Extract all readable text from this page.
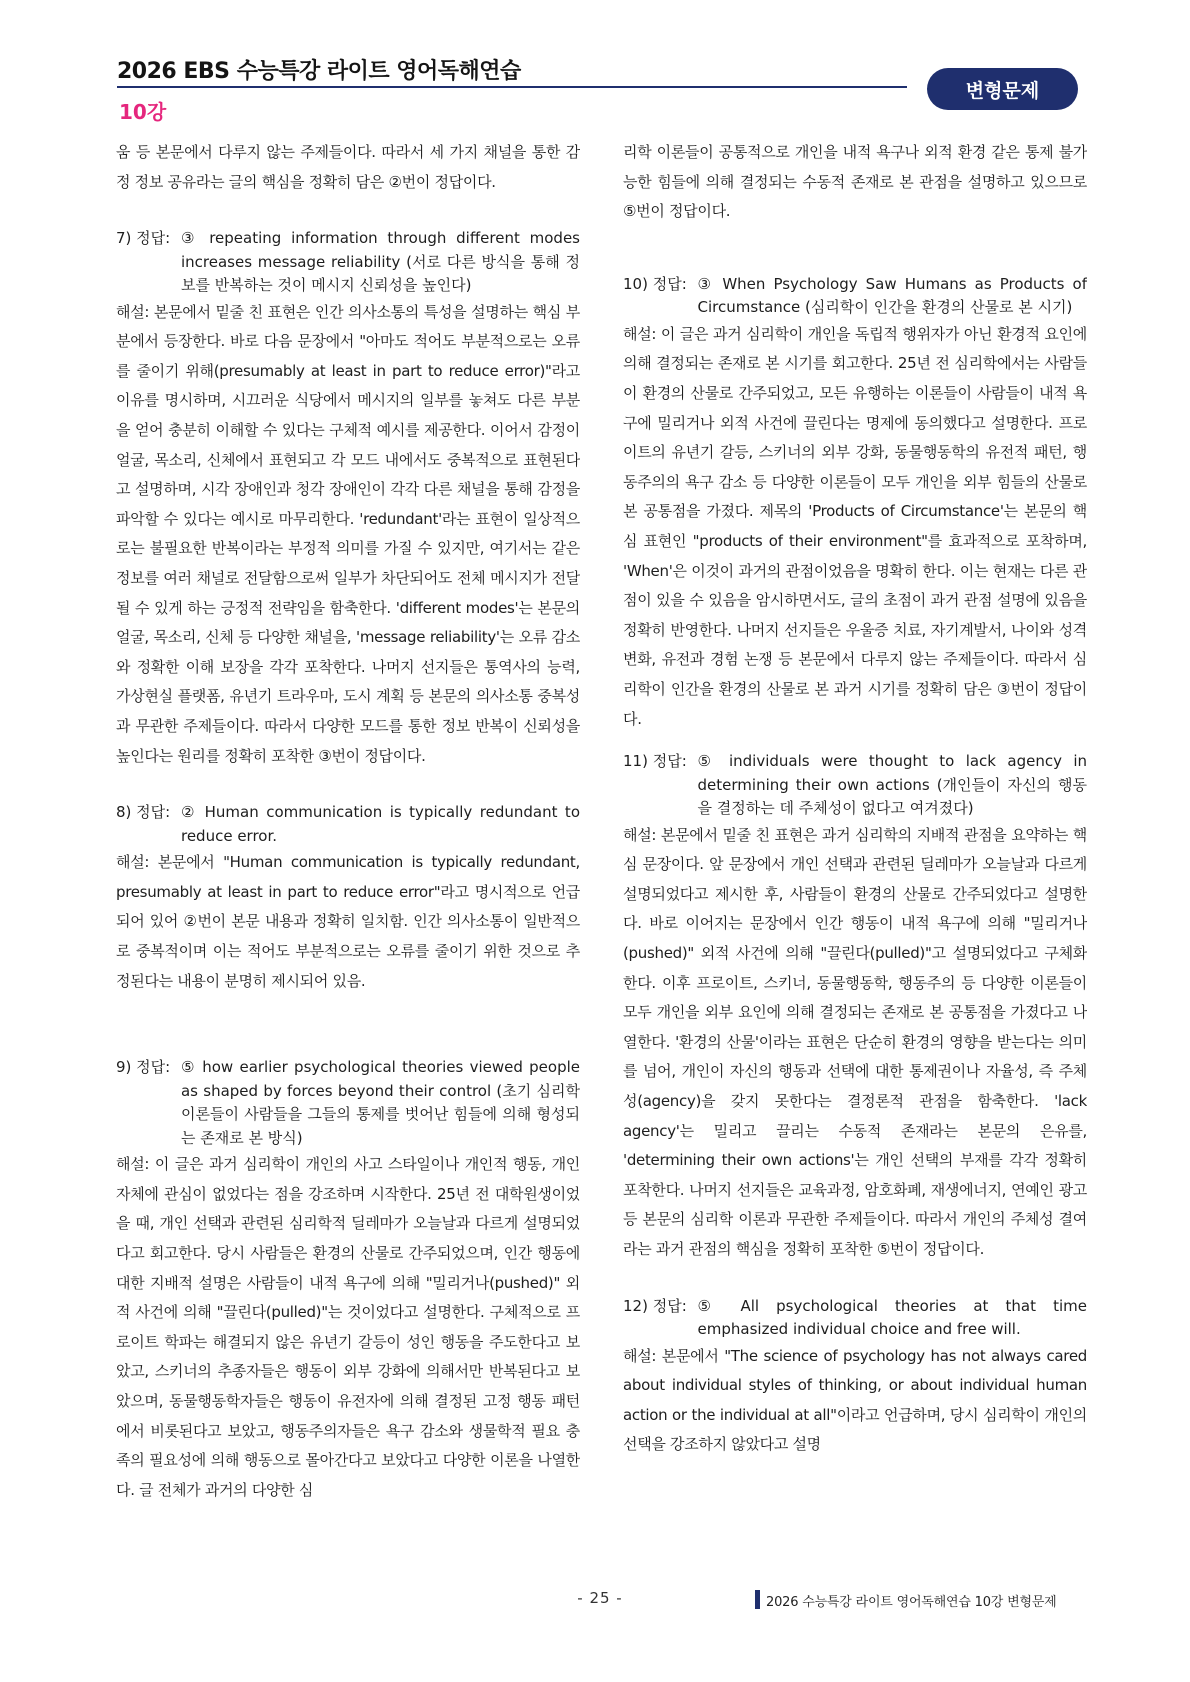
2026 EBS 수능특강 라이트 영어독해연습
10강
변형문제

움 등 본문에서 다루지 않는 주제들이다. 따라서 세 가지 채널을 통한 감정 정보 공유라는 글의 핵심을 정확히 담은 ②번이 정답이다.

7) 정답: ③ repeating information through different modes increases message reliability (서로 다른 방식을 통해 정보를 반복하는 것이 메시지 신뢰성을 높인다)

해설: 본문에서 밑줄 친 표현은 인간 의사소통의 특성을 설명하는 핵심 부분에서 등장한다. 바로 다음 문장에서 "아마도 적어도 부분적으로는 오류를 줄이기 위해(presumably at least in part to reduce error)"라고 이유를 명시하며, 시끄러운 식당에서 메시지의 일부를 놓쳐도 다른 부분을 얻어 충분히 이해할 수 있다는 구체적 예시를 제공한다. 이어서 감정이 얼굴, 목소리, 신체에서 표현되고 각 모드 내에서도 중복적으로 표현된다고 설명하며, 시각 장애인과 청각 장애인이 각각 다른 채널을 통해 감정을 파악할 수 있다는 예시로 마무리한다. 'redundant'라는 표현이 일상적으로는 불필요한 반복이라는 부정적 의미를 가질 수 있지만, 여기서는 같은 정보를 여러 채널로 전달함으로써 일부가 차단되어도 전체 메시지가 전달될 수 있게 하는 긍정적 전략임을 함축한다. 'different modes'는 본문의 얼굴, 목소리, 신체 등 다양한 채널을, 'message reliability'는 오류 감소와 정확한 이해 보장을 각각 포착한다. 나머지 선지들은 통역사의 능력, 가상현실 플랫폼, 유년기 트라우마, 도시 계획 등 본문의 의사소통 중복성과 무관한 주제들이다. 따라서 다양한 모드를 통한 정보 반복이 신뢰성을 높인다는 원리를 정확히 포착한 ③번이 정답이다.

8) 정답: ② Human communication is typically redundant to reduce error.

해설: 본문에서 "Human communication is typically redundant, presumably at least in part to reduce error"라고 명시적으로 언급되어 있어 ②번이 본문 내용과 정확히 일치함. 인간 의사소통이 일반적으로 중복적이며 이는 적어도 부분적으로는 오류를 줄이기 위한 것으로 추정된다는 내용이 분명히 제시되어 있음.

9) 정답: ⑤ how earlier psychological theories viewed people as shaped by forces beyond their control (초기 심리학 이론들이 사람들을 그들의 통제를 벗어난 힘들에 의해 형성되는 존재로 본 방식)

해설: 이 글은 과거 심리학이 개인의 사고 스타일이나 개인적 행동, 개인 자체에 관심이 없었다는 점을 강조하며 시작한다. 25년 전 대학원생이었을 때, 개인 선택과 관련된 심리학적 딜레마가 오늘날과 다르게 설명되었다고 회고한다. 당시 사람들은 환경의 산물로 간주되었으며, 인간 행동에 대한 지배적 설명은 사람들이 내적 욕구에 의해 "밀리거나(pushed)" 외적 사건에 의해 "끌린다(pulled)"는 것이었다고 설명한다. 구체적으로 프로이트 학파는 해결되지 않은 유년기 갈등이 성인 행동을 주도한다고 보았고, 스키너의 추종자들은 행동이 외부 강화에 의해서만 반복된다고 보았으며, 동물행동학자들은 행동이 유전자에 의해 결정된 고정 행동 패턴에서 비롯된다고 보았고, 행동주의자들은 욕구 감소와 생물학적 필요 충족의 필요성에 의해 행동으로 몰아간다고 보았다고 다양한 이론을 나열한다. 글 전체가 과거의 다양한 심

리학 이론들이 공통적으로 개인을 내적 욕구나 외적 환경 같은 통제 불가능한 힘들에 의해 결정되는 수동적 존재로 본 관점을 설명하고 있으므로 ⑤번이 정답이다.

10) 정답: ③ When Psychology Saw Humans as Products of Circumstance (심리학이 인간을 환경의 산물로 본 시기)

해설: 이 글은 과거 심리학이 개인을 독립적 행위자가 아닌 환경적 요인에 의해 결정되는 존재로 본 시기를 회고한다. 25년 전 심리학에서는 사람들이 환경의 산물로 간주되었고, 모든 유행하는 이론들이 사람들이 내적 욕구에 밀리거나 외적 사건에 끌린다는 명제에 동의했다고 설명한다. 프로이트의 유년기 갈등, 스키너의 외부 강화, 동물행동학의 유전적 패턴, 행동주의의 욕구 감소 등 다양한 이론들이 모두 개인을 외부 힘들의 산물로 본 공통점을 가졌다. 제목의 'Products of Circumstance'는 본문의 핵심 표현인 "products of their environment"를 효과적으로 포착하며, 'When'은 이것이 과거의 관점이었음을 명확히 한다. 이는 현재는 다른 관점이 있을 수 있음을 암시하면서도, 글의 초점이 과거 관점 설명에 있음을 정확히 반영한다. 나머지 선지들은 우울증 치료, 자기계발서, 나이와 성격 변화, 유전과 경험 논쟁 등 본문에서 다루지 않는 주제들이다. 따라서 심리학이 인간을 환경의 산물로 본 과거 시기를 정확히 담은 ③번이 정답이다.

11) 정답: ⑤ individuals were thought to lack agency in determining their own actions (개인들이 자신의 행동을 결정하는 데 주체성이 없다고 여겨졌다)

해설: 본문에서 밑줄 친 표현은 과거 심리학의 지배적 관점을 요약하는 핵심 문장이다. 앞 문장에서 개인 선택과 관련된 딜레마가 오늘날과 다르게 설명되었다고 제시한 후, 사람들이 환경의 산물로 간주되었다고 설명한다. 바로 이어지는 문장에서 인간 행동이 내적 욕구에 의해 "밀리거나(pushed)" 외적 사건에 의해 "끌린다(pulled)"고 설명되었다고 구체화한다. 이후 프로이트, 스키너, 동물행동학, 행동주의 등 다양한 이론들이 모두 개인을 외부 요인에 의해 결정되는 존재로 본 공통점을 가졌다고 나열한다. '환경의 산물'이라는 표현은 단순히 환경의 영향을 받는다는 의미를 넘어, 개인이 자신의 행동과 선택에 대한 통제권이나 자율성, 즉 주체성(agency)을 갖지 못한다는 결정론적 관점을 함축한다. 'lack agency'는 밀리고 끌리는 수동적 존재라는 본문의 은유를, 'determining their own actions'는 개인 선택의 부재를 각각 정확히 포착한다. 나머지 선지들은 교육과정, 암호화폐, 재생에너지, 연예인 광고 등 본문의 심리학 이론과 무관한 주제들이다. 따라서 개인의 주체성 결여라는 과거 관점의 핵심을 정확히 포착한 ⑤번이 정답이다.

12) 정답: ⑤ All psychological theories at that time emphasized individual choice and free will.

해설: 본문에서 "The science of psychology has not always cared about individual styles of thinking, or about individual human action or the individual at all"이라고 언급하며, 당시 심리학이 개인의 선택을 강조하지 않았다고 설명

- 25 -	2026 수능특강 라이트 영어독해연습 10강 변형문제
